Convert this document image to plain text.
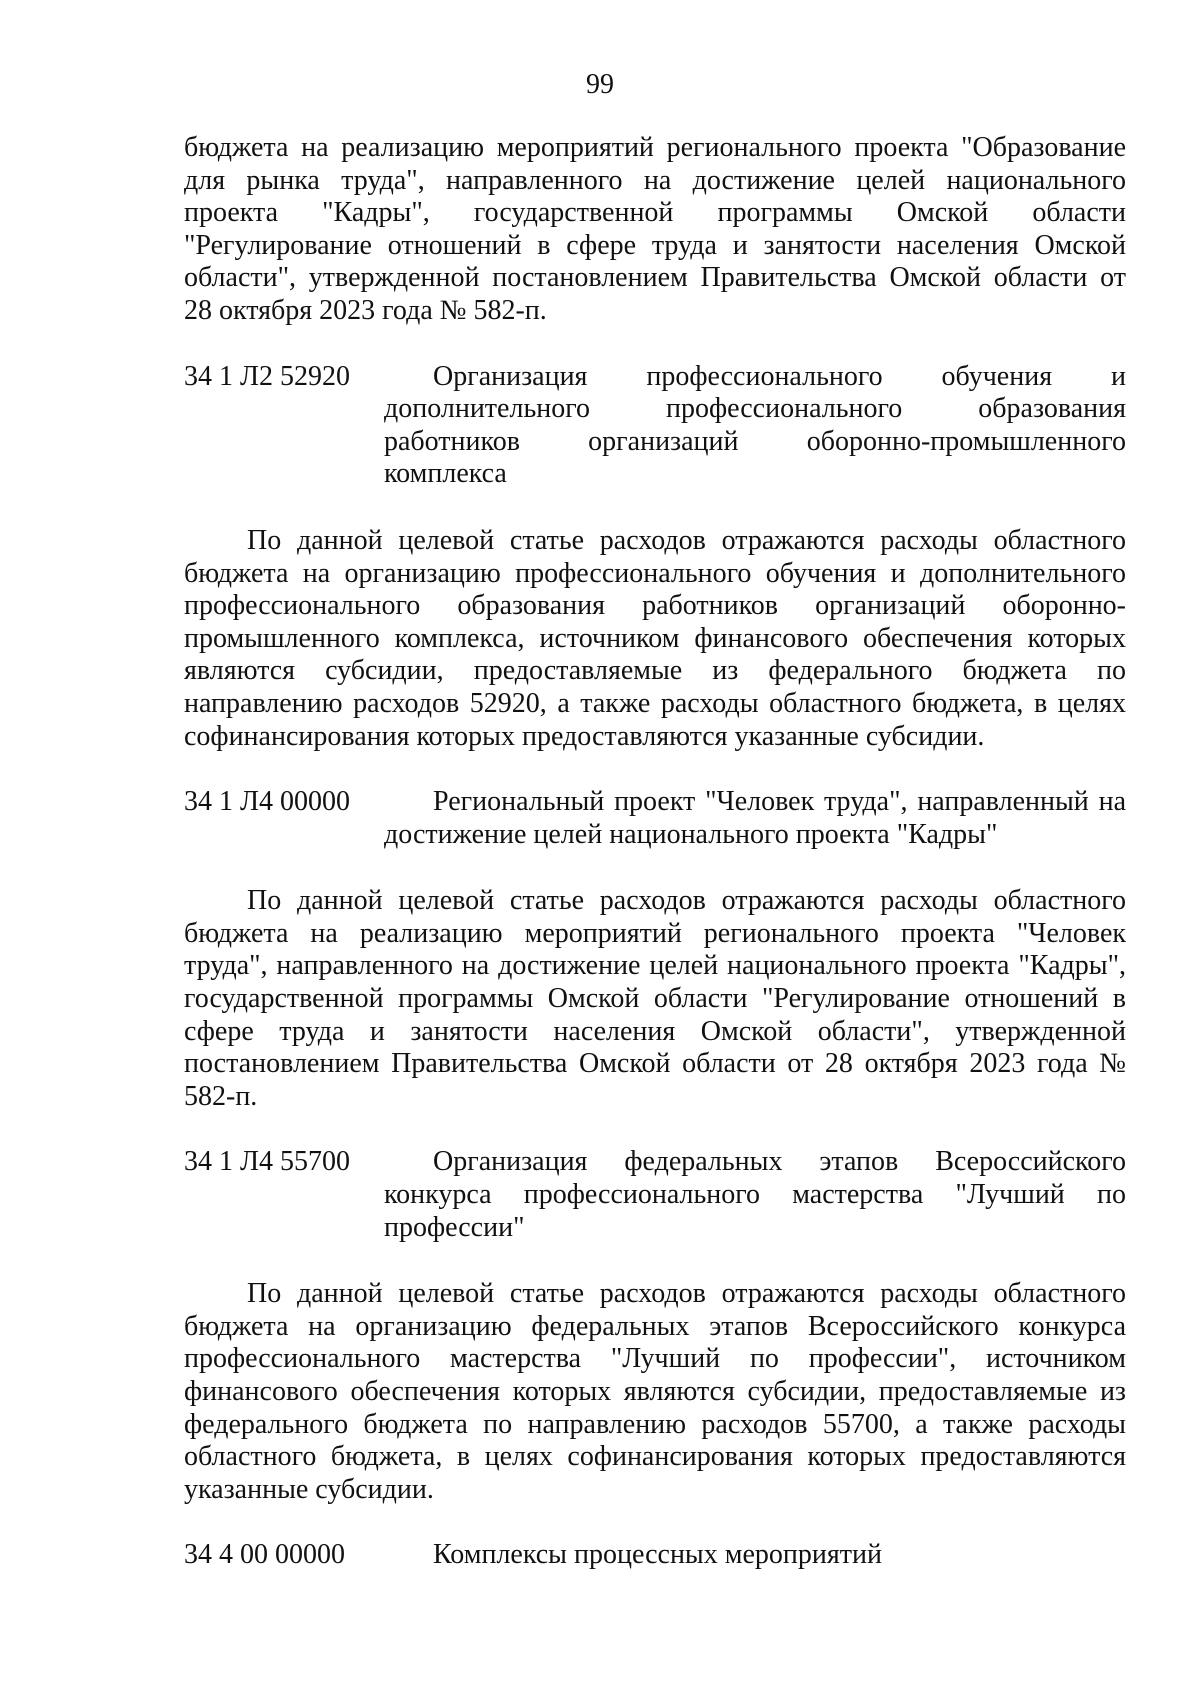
99

бюджета на реализацию мероприятий регионального проекта "Образование для рынка труда", направленного на достижение целей национального проекта "Кадры", государственной программы Омской области "Регулирование отношений в сфере труда и занятости населения Омской области", утвержденной постановлением Правительства Омской области от 28 октября 2023 года № 582-п.

34 1 Л2 52920	Организация профессионального обучения и дополнительного профессионального образования работников организаций оборонно-промышленного комплекса

По данной целевой статье расходов отражаются расходы областного бюджета на организацию профессионального обучения и дополнительного профессионального образования работников организаций оборонно-промышленного комплекса, источником финансового обеспечения которых являются субсидии, предоставляемые из федерального бюджета по направлению расходов 52920, а также расходы областного бюджета, в целях софинансирования которых предоставляются указанные субсидии.

34 1 Л4 00000	Региональный проект "Человек труда", направленный на достижение целей национального проекта "Кадры"

По данной целевой статье расходов отражаются расходы областного бюджета на реализацию мероприятий регионального проекта "Человек труда", направленного на достижение целей национального проекта "Кадры", государственной программы Омской области "Регулирование отношений в сфере труда и занятости населения Омской области", утвержденной постановлением Правительства Омской области от 28 октября 2023 года № 582-п.

34 1 Л4 55700	Организация федеральных этапов Всероссийского конкурса профессионального мастерства "Лучший по профессии"

По данной целевой статье расходов отражаются расходы областного бюджета на организацию федеральных этапов Всероссийского конкурса профессионального мастерства "Лучший по профессии", источником финансового обеспечения которых являются субсидии, предоставляемые из федерального бюджета по направлению расходов 55700, а также расходы областного бюджета, в целях софинансирования которых предоставляются указанные субсидии.

34 4 00 00000	Комплексы процессных мероприятий
